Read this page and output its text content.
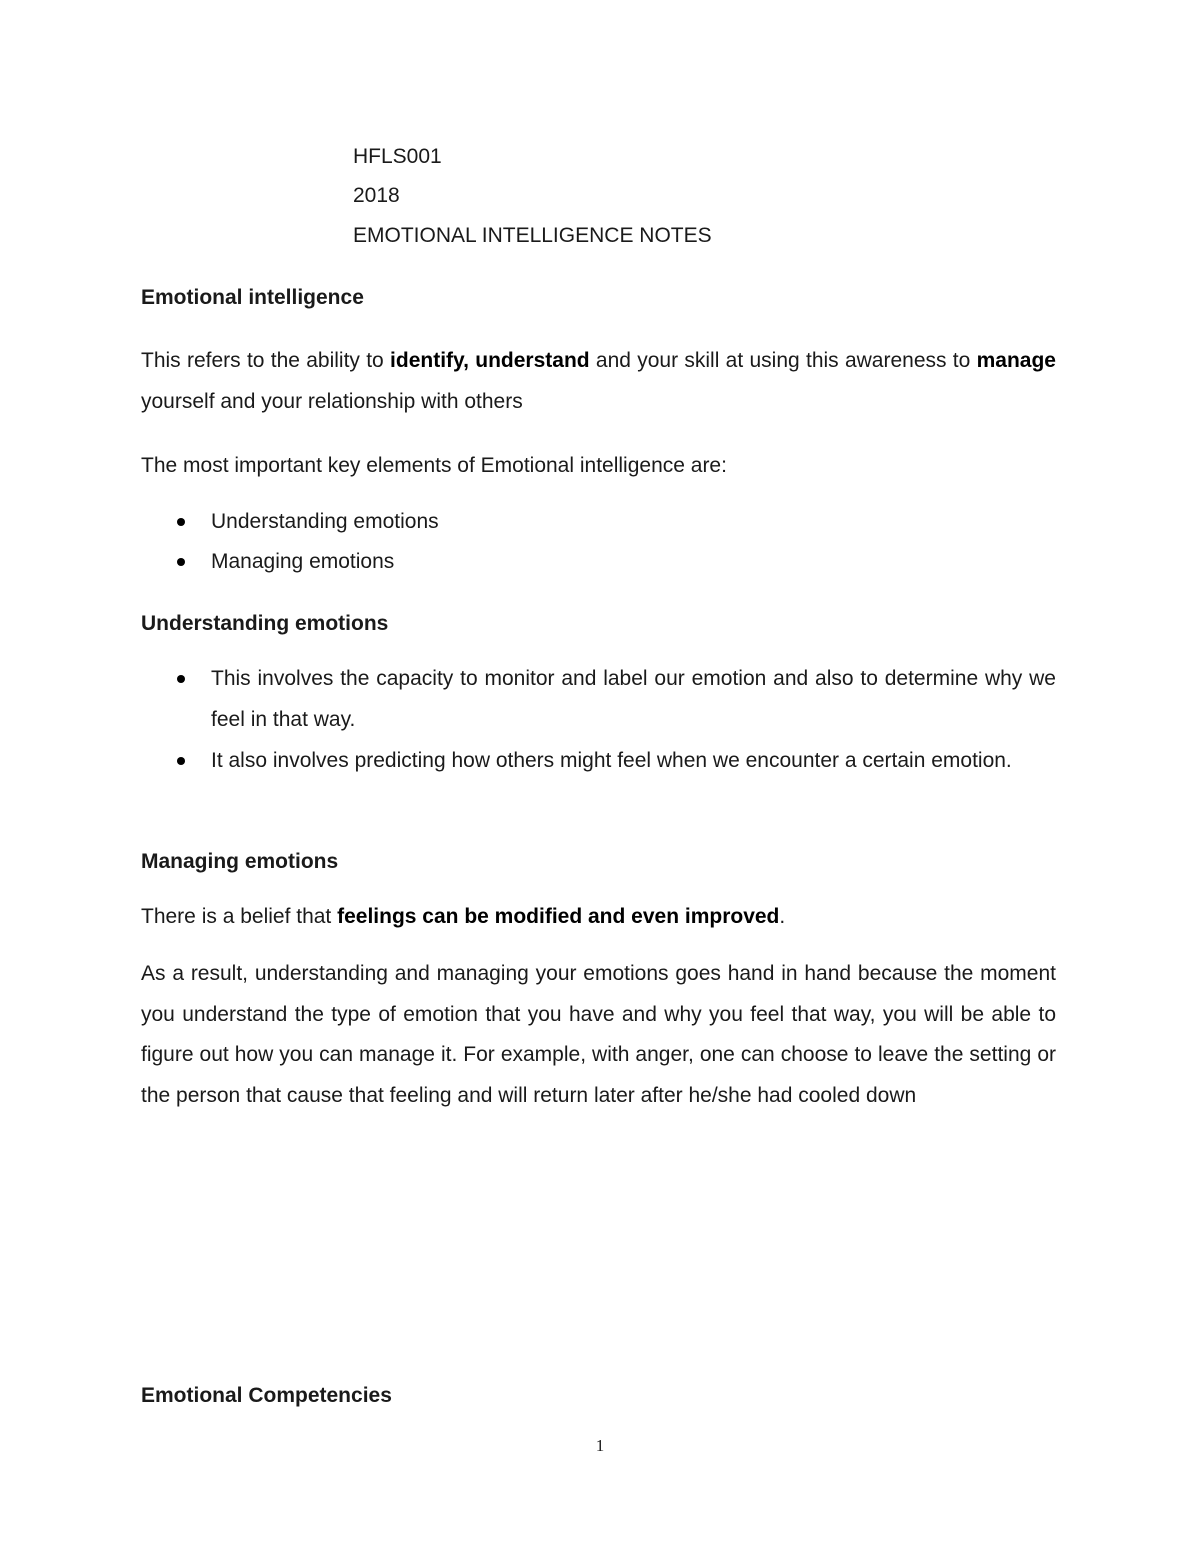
HFLS001

2018

EMOTIONAL INTELLIGENCE NOTES

Emotional intelligence

This refers to the ability to identify, understand and your skill at using this awareness to manage yourself and your relationship with others

The most important key elements of Emotional intelligence are:

Understanding emotions

Managing emotions

Understanding emotions

This involves the capacity to monitor and label our emotion and also to determine why we feel in that way.

It also involves predicting how others might feel when we encounter a certain emotion.

Managing emotions

There is a belief that feelings can be modified and even improved.

As a result, understanding and managing your emotions goes hand in hand because the moment you understand the type of emotion that you have and why you feel that way, you will be able to figure out how you can manage it. For example, with anger, one can choose to leave the setting or the person that cause that feeling and will return later after he/she had cooled down

Emotional Competencies

1
